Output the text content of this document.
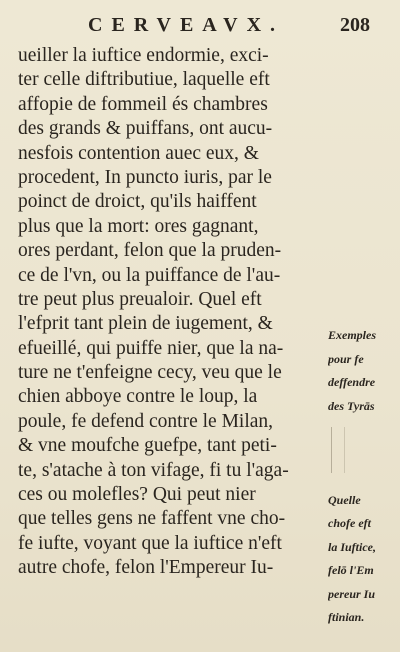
CERVEAVX.	208
ueiller la iuftice endormie, exci-
ter celle diftributiue, laquelle eft
affopie de fommeil és chambres
des grands & puiffans, ont aucu-
nesfois contention auec eux, &
procedent, In puncto iuris, par le
poinct de droict, qu'ils haiffent
plus que la mort: ores gagnant,
ores perdant, felon que la pruden-
ce de l'vn, ou la puiffance de l'au-
tre peut plus preualoir. Quel eft
l'efprit tant plein de iugement, &
efueillé, qui puiffe nier, que la na-
ture ne t'enfeigne cecy, veu que le
chien abboye contre le loup, la
poule, fe defend contre le Milan,
& vne moufche guefpe, tant peti-
te, s'atache à ton vifage, fi tu l'aga-
ces ou molefles? Qui peut nier
que telles gens ne faffent vne cho-
fe iufte, voyant que la iuftice n'eft
autre chofe, felon l'Empereur Iu-
Exemples
pour fe
deffendre
des Tyrās
Quelle
chofe eft
la Iuftice,
felō l'Em
pereur Iu
ftinian.
